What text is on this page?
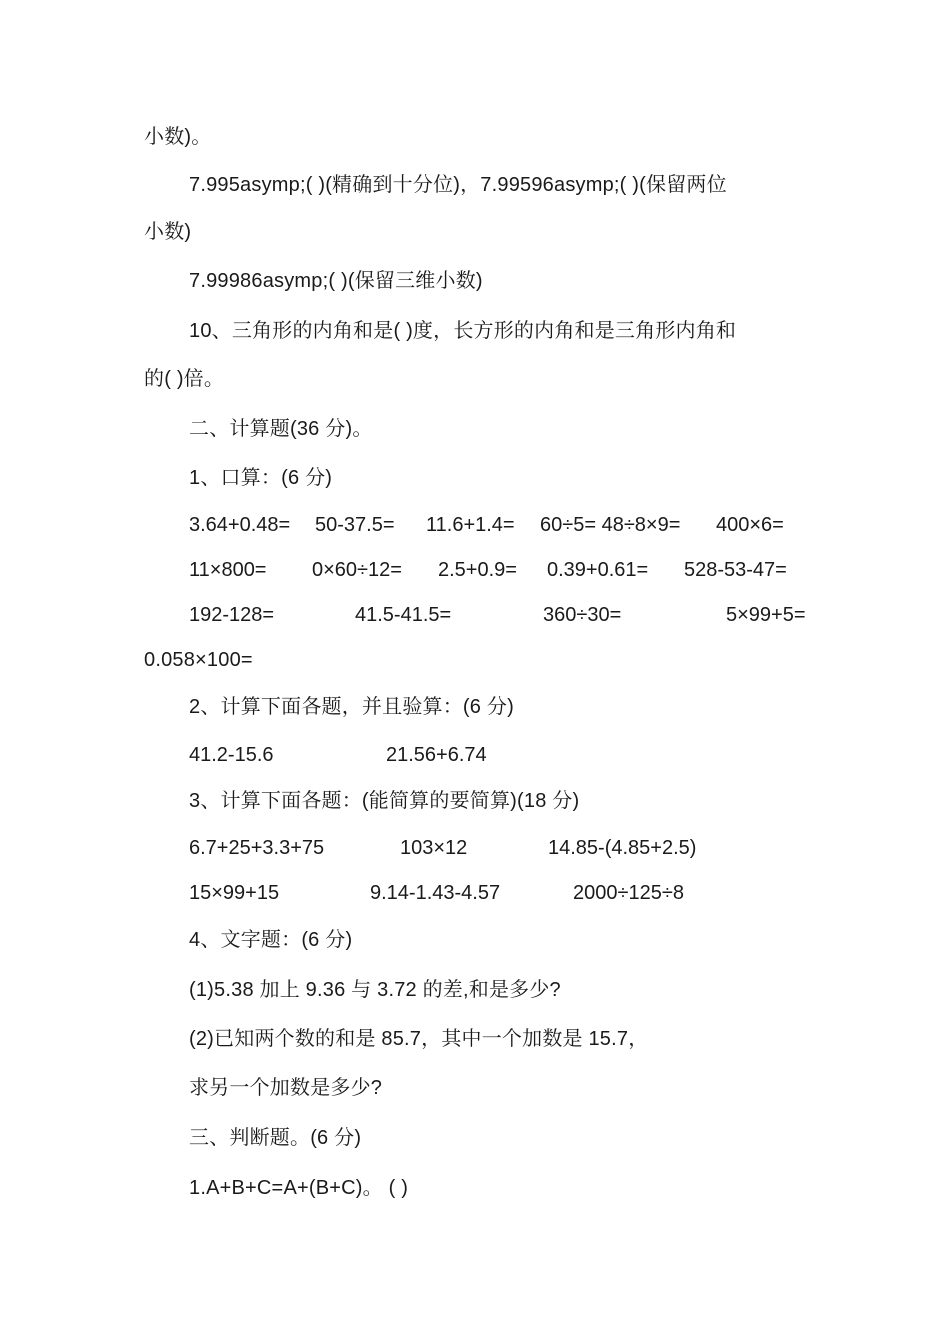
小数)。
7.995asymp;( )(精确到十分位)，7.99596asymp;( )(保留两位
小数)
7.99986asymp;( )(保留三维小数)
10、三角形的内角和是( )度，长方形的内角和是三角形内角和
的( )倍。
二、计算题(36 分)。
1、口算：(6 分)
3.64+0.48= 50-37.5= 11.6+1.4= 60÷5= 48÷8×9= 400×6=
11×800= 0×60÷12= 2.5+0.9= 0.39+0.61= 528-53-47=
192-128=	41.5-41.5=	360÷30=	5×99+5=
0.058×100=
2、计算下面各题，并且验算：(6 分)
41.2-15.6	21.56+6.74
3、计算下面各题：(能简算的要简算)(18 分)
6.7+25+3.3+75	103×12	14.85-(4.85+2.5)
15×99+15	9.14-1.43-4.57	2000÷125÷8
4、文字题：(6 分)
(1)5.38 加上 9.36 与 3.72 的差,和是多少?
(2)已知两个数的和是 85.7，其中一个加数是 15.7，
求另一个加数是多少?
三、判断题。(6 分)
1.A+B+C=A+(B+C)。 ( )
